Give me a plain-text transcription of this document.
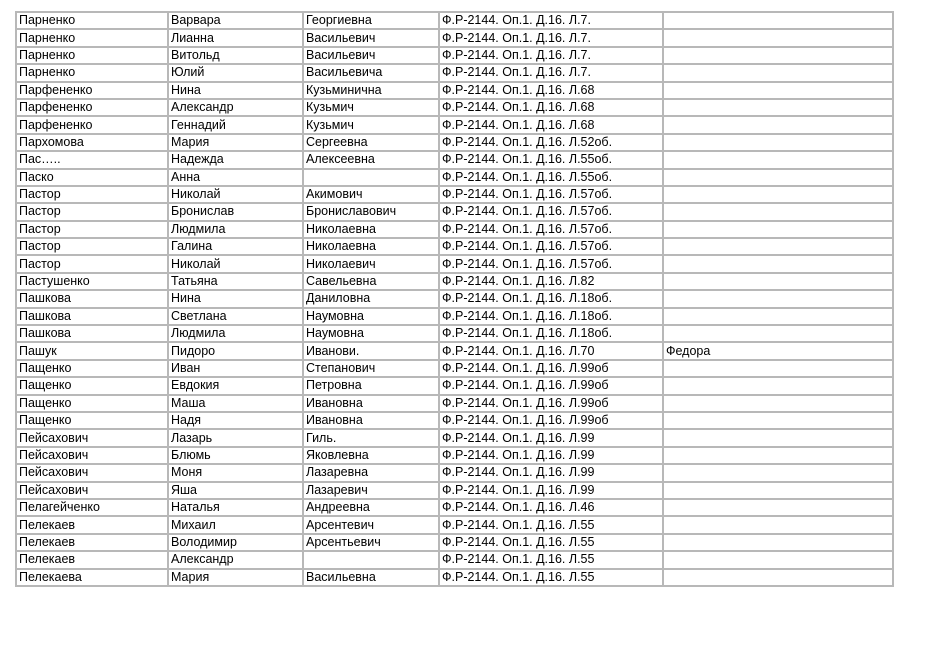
Парненко	Варвара	Георгиевна	Ф.Р-2144. Оп.1. Д.16. Л.7.	
Парненко	Лианна	Васильевич	Ф.Р-2144. Оп.1. Д.16. Л.7.	
Парненко	Витольд	Васильевич	Ф.Р-2144. Оп.1. Д.16. Л.7.	
Парненко	Юлий	Васильевича	Ф.Р-2144. Оп.1. Д.16. Л.7.	
Парфененко	Нина	Кузьминична	Ф.Р-2144. Оп.1. Д.16. Л.68	
Парфененко	Александр	Кузьмич	Ф.Р-2144. Оп.1. Д.16. Л.68	
Парфененко	Геннадий	Кузьмич	Ф.Р-2144. Оп.1. Д.16. Л.68	
Пархомова	Мария	Сергеевна	Ф.Р-2144. Оп.1. Д.16. Л.52об.	
Пас…..	Надежда	Алексеевна	Ф.Р-2144. Оп.1. Д.16. Л.55об.	
Паско	Анна		Ф.Р-2144. Оп.1. Д.16. Л.55об.	
Пастор	Николай	Акимович	Ф.Р-2144. Оп.1. Д.16. Л.57об.	
Пастор	Бронислав	Брониславович	Ф.Р-2144. Оп.1. Д.16. Л.57об.	
Пастор	Людмила	Николаевна	Ф.Р-2144. Оп.1. Д.16. Л.57об.	
Пастор	Галина	Николаевна	Ф.Р-2144. Оп.1. Д.16. Л.57об.	
Пастор	Николай	Николаевич	Ф.Р-2144. Оп.1. Д.16. Л.57об.	
Пастушенко	Татьяна	Савельевна	Ф.Р-2144. Оп.1. Д.16. Л.82	
Пашкова	Нина	Даниловна	Ф.Р-2144. Оп.1. Д.16. Л.18об.	
Пашкова	Светлана	Наумовна	Ф.Р-2144. Оп.1. Д.16. Л.18об.	
Пашкова	Людмила	Наумовна	Ф.Р-2144. Оп.1. Д.16. Л.18об.	
Пашук	Пидоро	Иванови.	Ф.Р-2144. Оп.1. Д.16. Л.70	Федора
Пащенко	Иван	Степанович	Ф.Р-2144. Оп.1. Д.16. Л.99об	
Пащенко	Евдокия	Петровна	Ф.Р-2144. Оп.1. Д.16. Л.99об	
Пащенко	Маша	Ивановна	Ф.Р-2144. Оп.1. Д.16. Л.99об	
Пащенко	Надя	Ивановна	Ф.Р-2144. Оп.1. Д.16. Л.99об	
Пейсахович	Лазарь	Гиль.	Ф.Р-2144. Оп.1. Д.16. Л.99	
Пейсахович	Блюмь	Яковлевна	Ф.Р-2144. Оп.1. Д.16. Л.99	
Пейсахович	Моня	Лазаревна	Ф.Р-2144. Оп.1. Д.16. Л.99	
Пейсахович	Яша	Лазаревич	Ф.Р-2144. Оп.1. Д.16. Л.99	
Пелагейченко	Наталья	Андреевна	Ф.Р-2144. Оп.1. Д.16. Л.46	
Пелекаев	Михаил	Арсентевич	Ф.Р-2144. Оп.1. Д.16. Л.55	
Пелекаев	Володимир	Арсентьевич	Ф.Р-2144. Оп.1. Д.16. Л.55	
Пелекаев	Александр		Ф.Р-2144. Оп.1. Д.16. Л.55	
Пелекаева	Мария	Васильевна	Ф.Р-2144. Оп.1. Д.16. Л.55	
